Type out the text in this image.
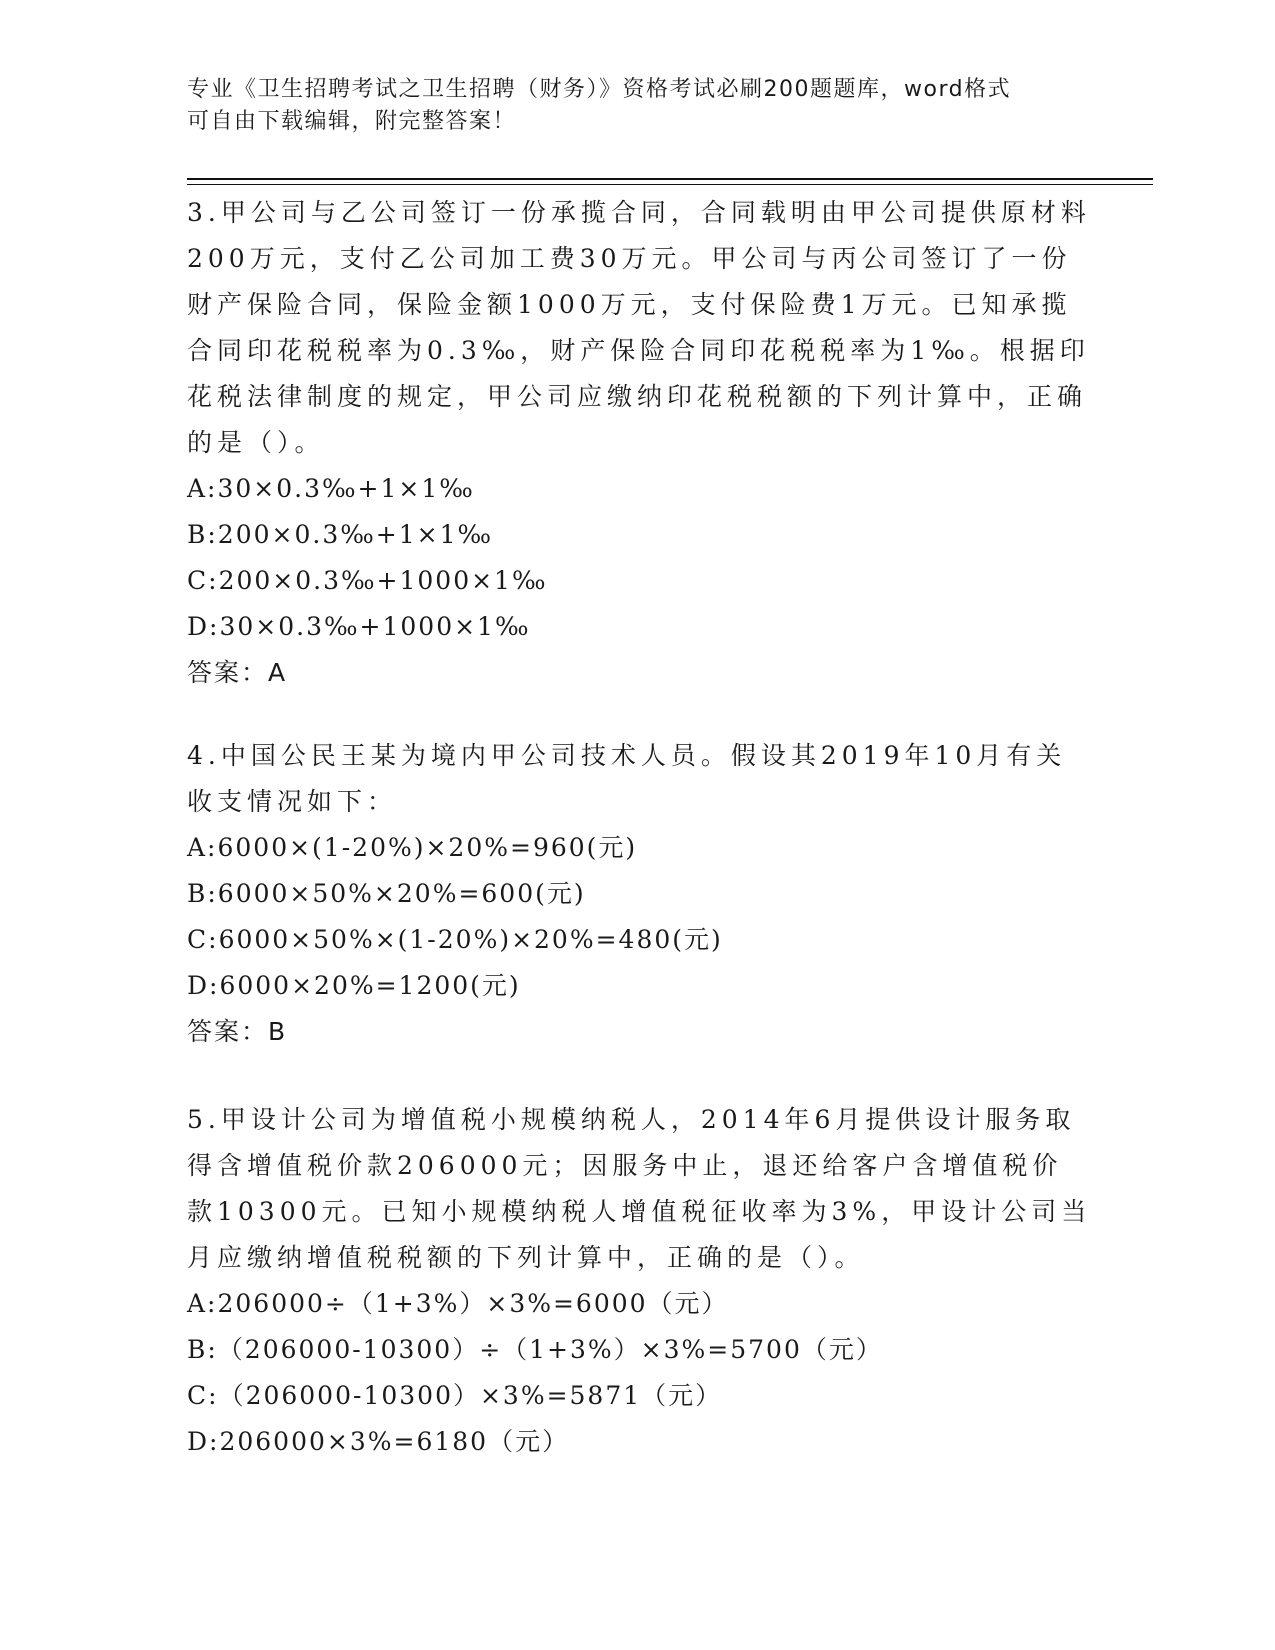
专业《卫生招聘考试之卫生招聘（财务）》资格考试必刷200题题库，word格式
可自由下载编辑，附完整答案！

3.甲公司与乙公司签订一份承揽合同，合同载明由甲公司提供原材料200万元，支付乙公司加工费30万元。甲公司与丙公司签订了一份财产保险合同，保险金额1000万元，支付保险费1万元。已知承揽合同印花税税率为0.3‰，财产保险合同印花税税率为1‰。根据印花税法律制度的规定，甲公司应缴纳印花税税额的下列计算中，正确的是（）。

A:30×0.3‰+1×1‰
B:200×0.3‰+1×1‰
C:200×0.3‰+1000×1‰
D:30×0.3‰+1000×1‰
答案：A

4.中国公民王某为境内甲公司技术人员。假设其2019年10月有关收支情况如下：

A:6000×(1-20%)×20%=960(元)
B:6000×50%×20%=600(元)
C:6000×50%×(1-20%)×20%=480(元)
D:6000×20%=1200(元)
答案：B

5.甲设计公司为增值税小规模纳税人，2014年6月提供设计服务取得含增值税价款206000元；因服务中止，退还给客户含增值税价款10300元。已知小规模纳税人增值税征收率为3%，甲设计公司当月应缴纳增值税税额的下列计算中，正确的是（）。

A:206000÷（1+3%）×3%=6000（元）
B:（206000-10300）÷（1+3%）×3%=5700（元）
C:（206000-10300）×3%=5871（元）
D:206000×3%=6180（元）
